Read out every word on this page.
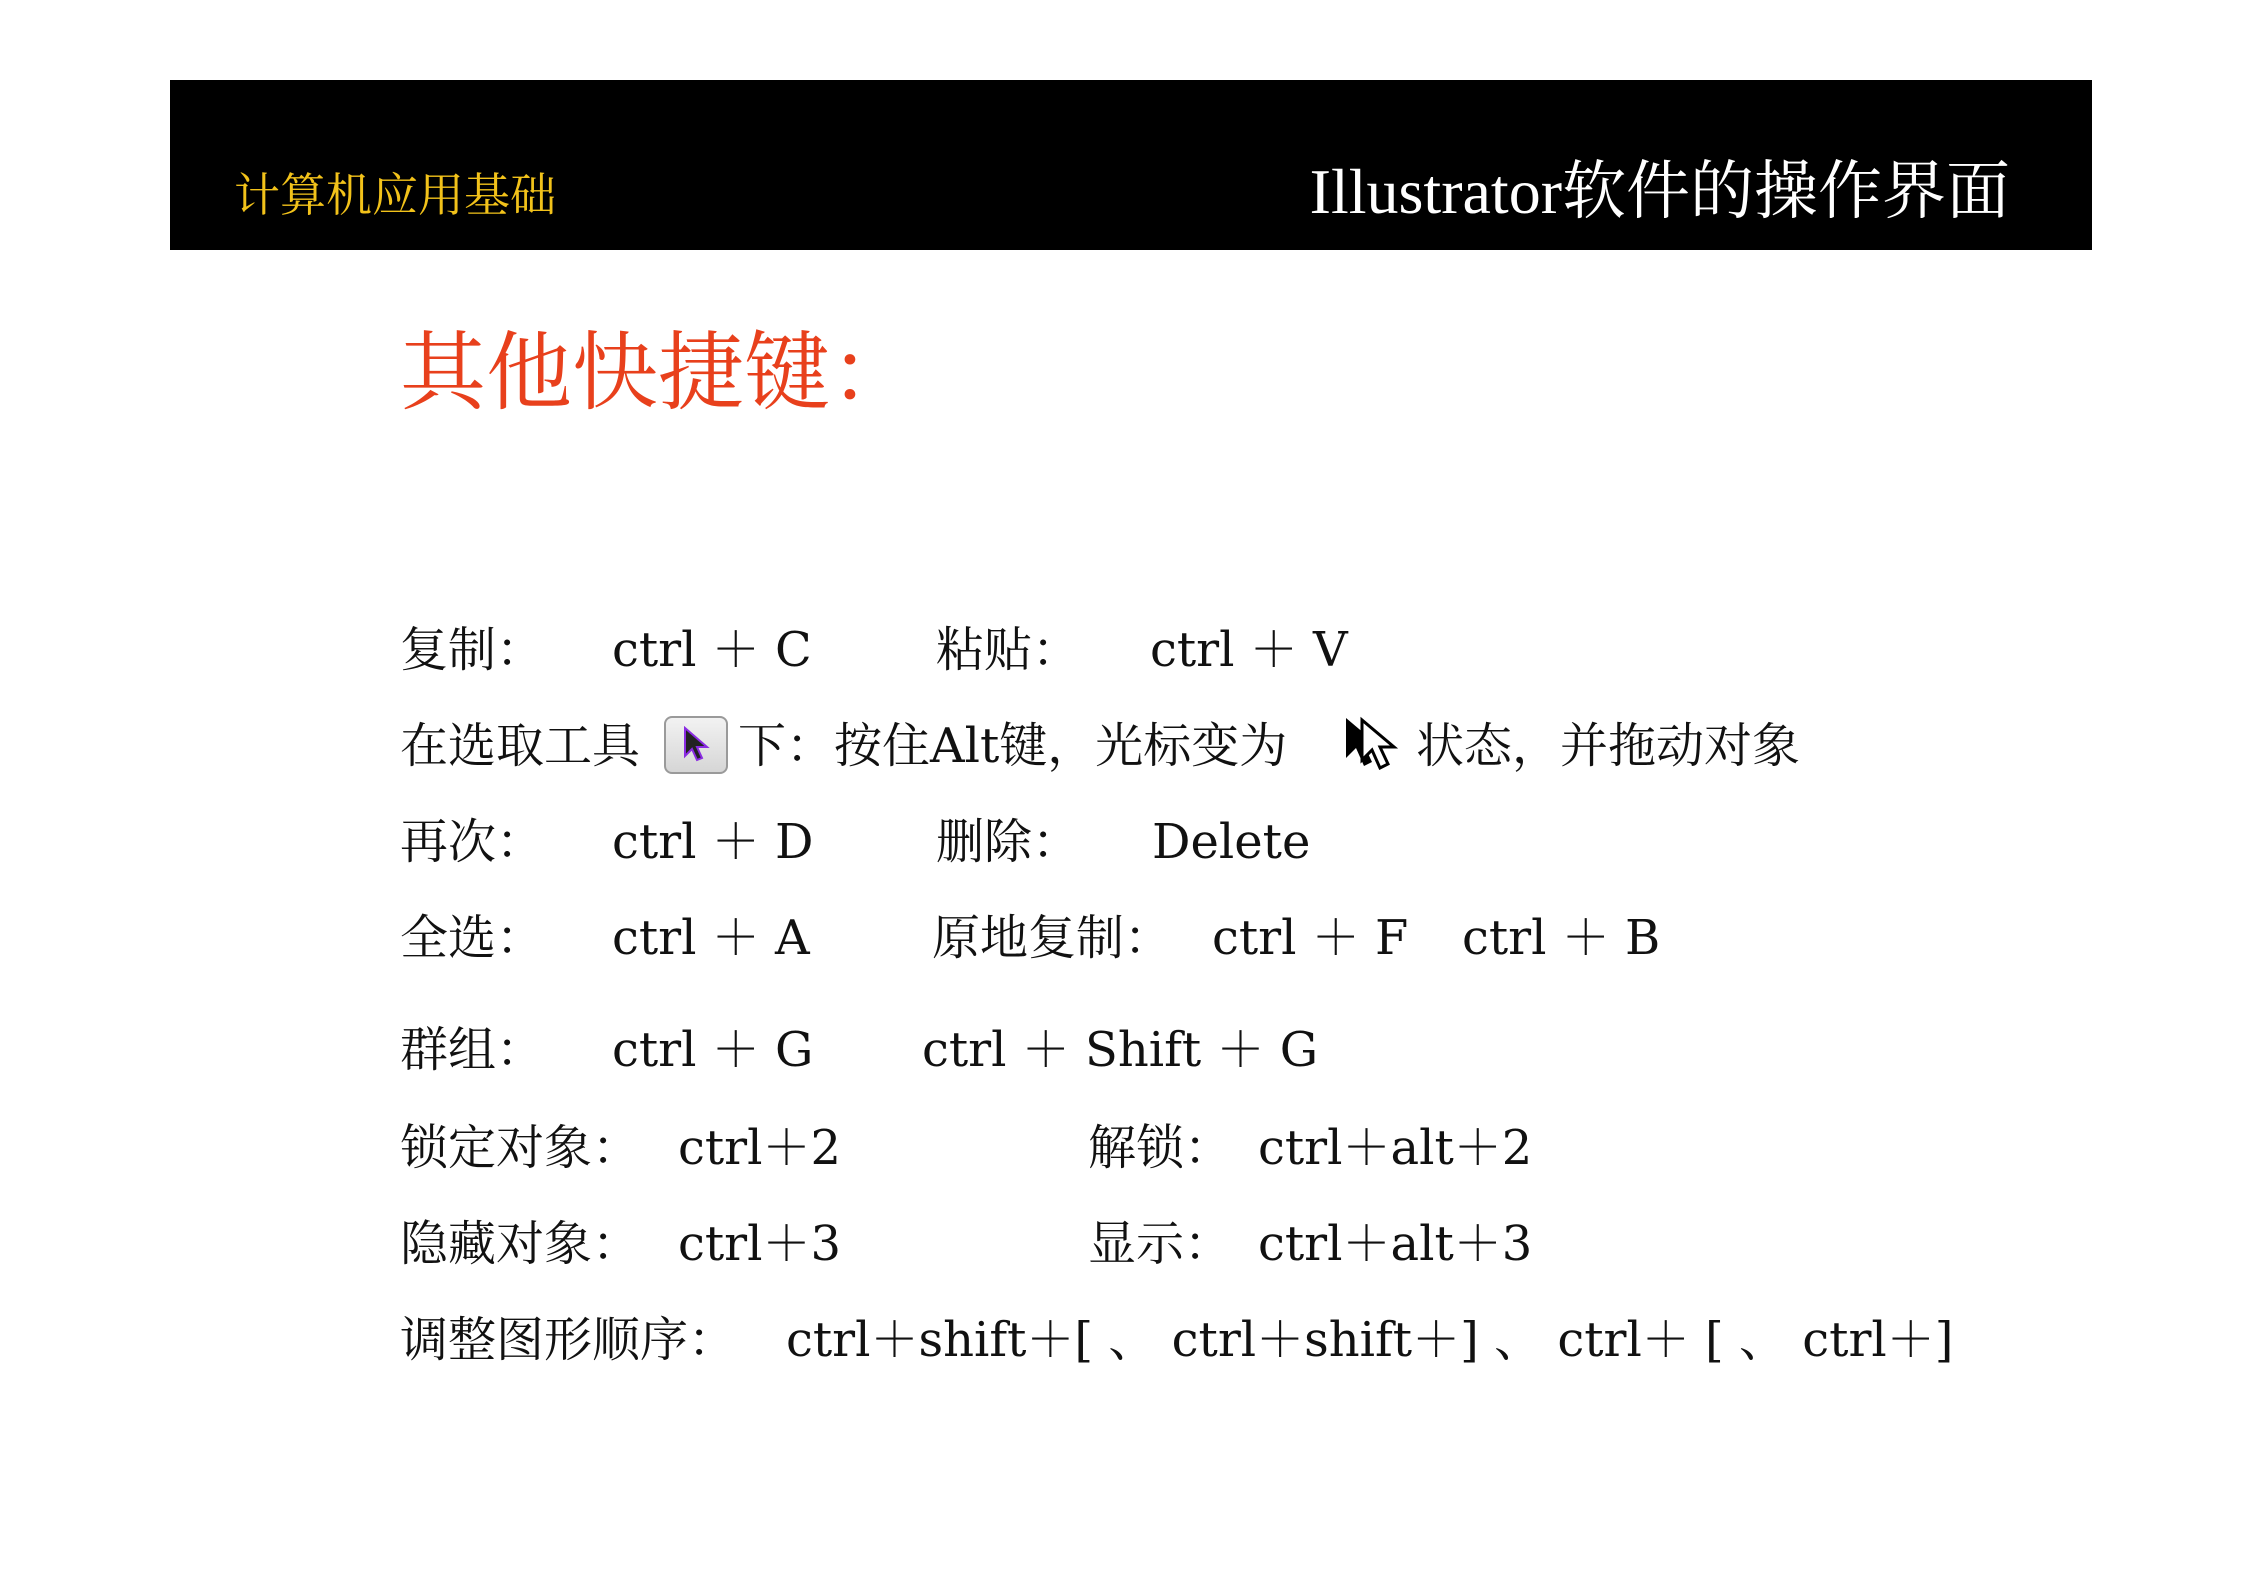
计算机应用基础	Illustrator软件的操作界面
其他快捷键：
复制： ctrl ＋ C	粘贴： ctrl ＋ V
在选取工具 下：按住Alt键，光标变为	状态，并拖动对象
再次： ctrl ＋ D	删除： Delete
全选： ctrl ＋ A	原地复制： ctrl ＋ F ctrl ＋ B
群组： ctrl ＋ G ctrl ＋ Shift ＋ G
锁定对象： ctrl＋2	解锁： ctrl＋alt＋2
隐藏对象： ctrl＋3	显示： ctrl＋alt＋3
调整图形顺序： ctrl＋shift＋[ 、 ctrl＋shift＋] 、 ctrl＋ [ 、 ctrl＋]
